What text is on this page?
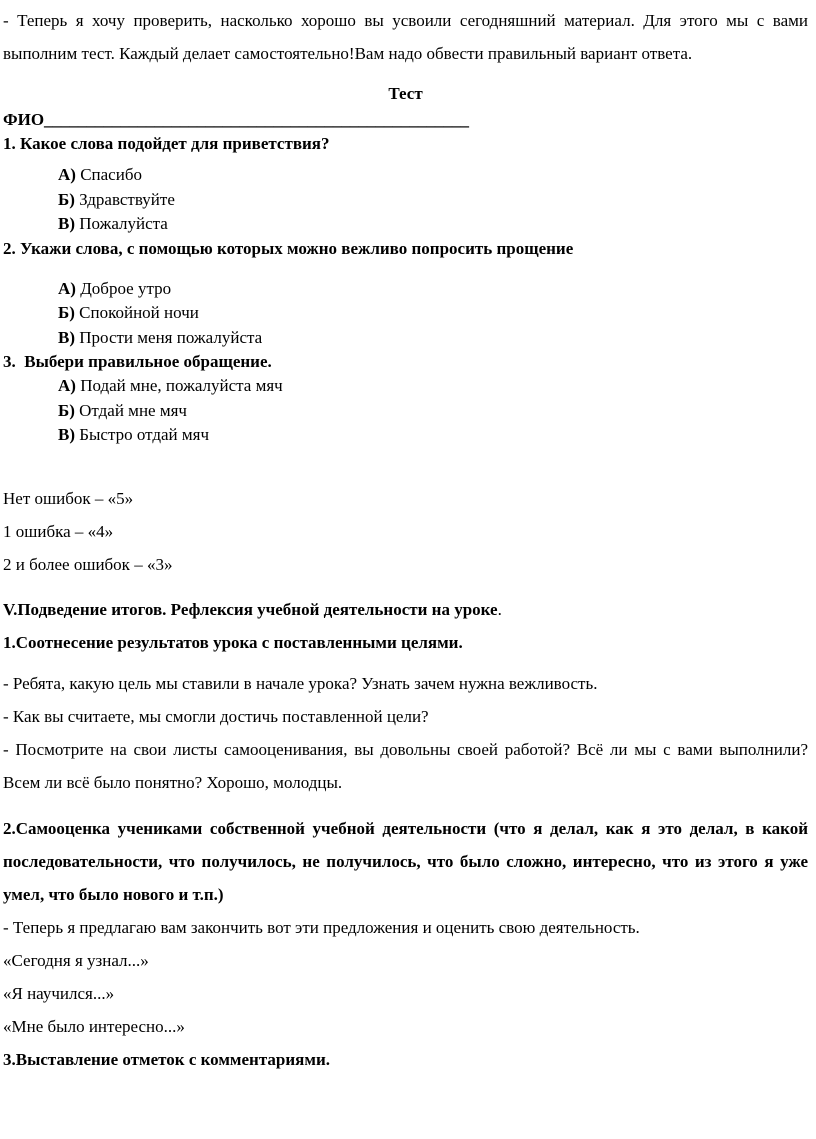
- Теперь я хочу проверить, насколько хорошо вы усвоили сегодняшний материал. Для этого мы с вами выполним тест. Каждый делает самостоятельно!Вам надо обвести правильный вариант ответа.

Тест

ФИО__________________________________________________

1. Какое слова подойдет для приветствия?

А) Спасибо

Б) Здравствуйте

В) Пожалуйста

2. Укажи слова, с помощью которых можно вежливо попросить прощение

А) Доброе утро

Б) Спокойной ночи

В) Прости меня пожалуйста

3.  Выбери правильное обращение.

А) Подай мне, пожалуйста мяч

Б) Отдай мне мяч

В) Быстро отдай мяч

Нет ошибок – «5»

1 ошибка – «4»

2 и более ошибок – «3»

V.Подведение итогов. Рефлексия учебной деятельности на уроке.

1.Соотнесение результатов урока с поставленными целями.

- Ребята, какую цель мы ставили в начале урока? Узнать зачем нужна вежливость.

- Как вы считаете, мы смогли достичь поставленной цели?

- Посмотрите на свои листы самооценивания, вы довольны своей работой? Всё ли мы с вами выполнили? Всем ли всё было понятно? Хорошо, молодцы.

2.Самооценка учениками собственной учебной деятельности (что я делал, как я это делал, в какой последовательности, что получилось, не получилось, что было сложно, интересно, что из этого я уже умел, что было нового и т.п.)

- Теперь я предлагаю вам закончить вот эти предложения и оценить свою деятельность.

«Сегодня я узнал...»

«Я научился...»

«Мне было интересно...»

3.Выставление отметок с комментариями.
